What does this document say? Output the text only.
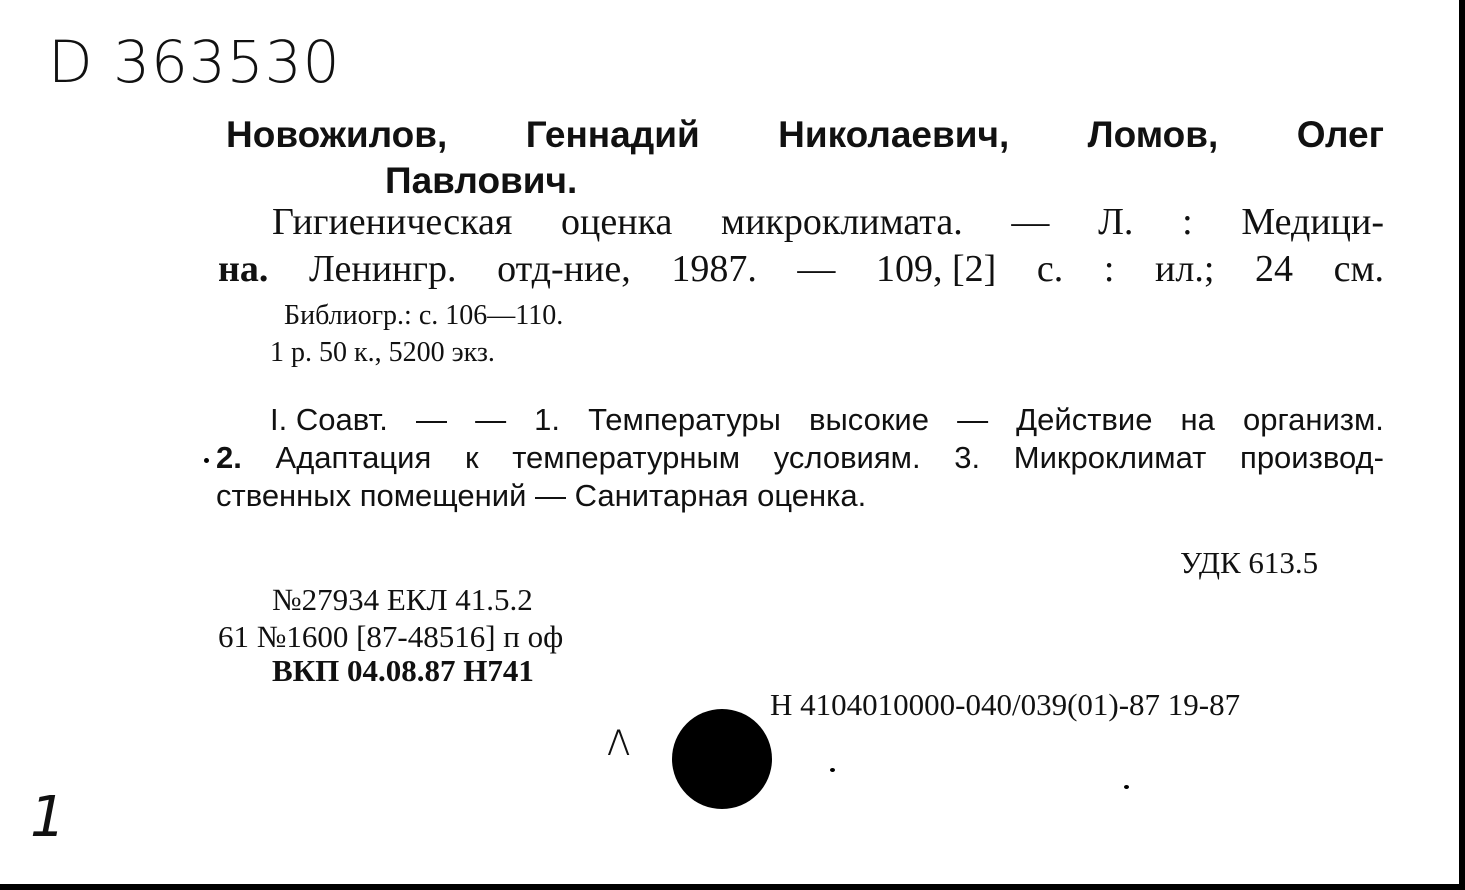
D 363530
Новожилов, Геннадий Николаевич, Ломов, Олег
Павлович.
Гигиеническая оценка микроклимата. — Л. : Медици-
на. Ленингр. отд-ние, 1987. — 109, [2] с. : ил.; 24 см.
Библиогр.: с. 106—110.
1 р. 50 к., 5200 экз.
I. Соавт. — — 1. Температуры высокие — Действие на организм.
2. Адаптация к температурным условиям. 3. Микроклимат производ-
ственных помещений — Санитарная оценка.
УДК 613.5
№27934 ЕКЛ 41.5.2
61 №1600 [87-48516] п оф
ВКП 04.08.87 Н741
Н 4104010000-040/039(01)-87 19-87
ʌ
1
